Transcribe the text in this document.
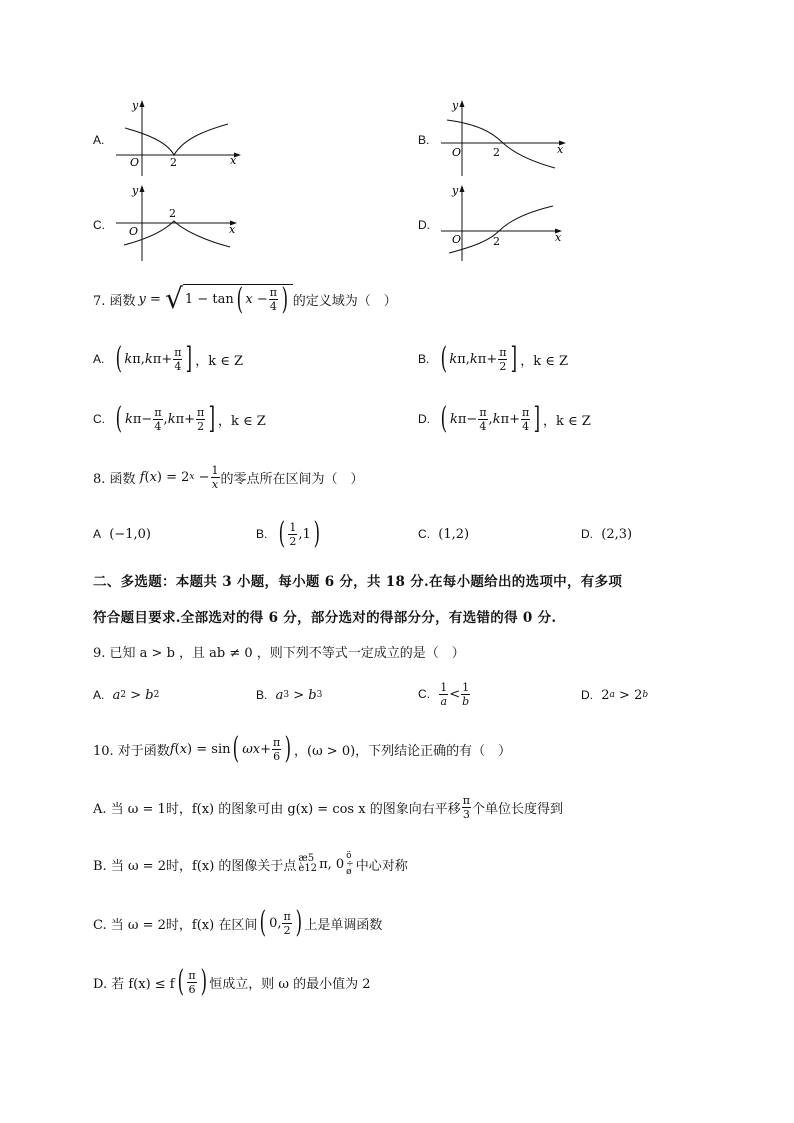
A.
y
x
O	2
B.
y
x
O	2
C.
y
x
O
2
D.
y
x
O	2
7. 函数 y = √ 1 − tan ( $x - \frac{\pi}{4}$ ) 的定义域为（　）
A.
( k π, k $\pi+ \frac{\pi}{4}$ ] ，k ∈ Z	B.
( k π, k $\pi+ \frac{\pi}{2}$ ] ，k ∈ Z
C.
( k $\pi- \frac{\pi}{4}$ , k $\pi+ \frac{\pi}{2}$ ] ，k ∈ Z	D.
( k $\pi- \frac{\pi}{4}$ , k $\pi+ \frac{\pi}{4}$ ] ，k ∈ Z
8. 函数
f ( x ) = 2 $x - \frac{1}{x}$ 的零点所在区间为（　）
A
(−1,0)	B.
( $\frac{1}{2} ,1$ )	C.
(1,2)	D.
(2,3)
二、多选题：本题共 3 小题，每小题 6 分，共 18 分.在每小题给出的选项中，有多项
符合题目要求.全部选对的得 6 分，部分选对的得部分分，有选错的得 0 分.
9. 已知 a > b ，且 ab ≠ 0 ，则下列不等式一定成立的是（　）
A.
a 2 > b 2	B.
a 3 > b 3	C.
$\frac{1}{a} < \frac{1}{b}$	D. 2 a > 2 b
10. 对于函数 f ( x ) = sin ( $\omega x + \frac{\pi}{6}$ ) ，(ω > 0)，下列结论正确的有（　）
A. 当 ω = 1时，f(x) 的图象可由 g(x) = cos x 的图象向右平移 $\frac{\pi}{3}$ 个单位长度得到
B. 当 ω = 2时，f(x) 的图像关于点
æ5
è12 π, 0
ö
÷
ø 中心对称
C. 当 ω = 2时，f(x) 在区间 ( 0, $\frac{\pi}{2}$ ) 上是单调函数
D. 若 f(x) ≤ f ( $\frac{\pi}{6}$ ) 恒成立，则 ω 的最小值为 2
